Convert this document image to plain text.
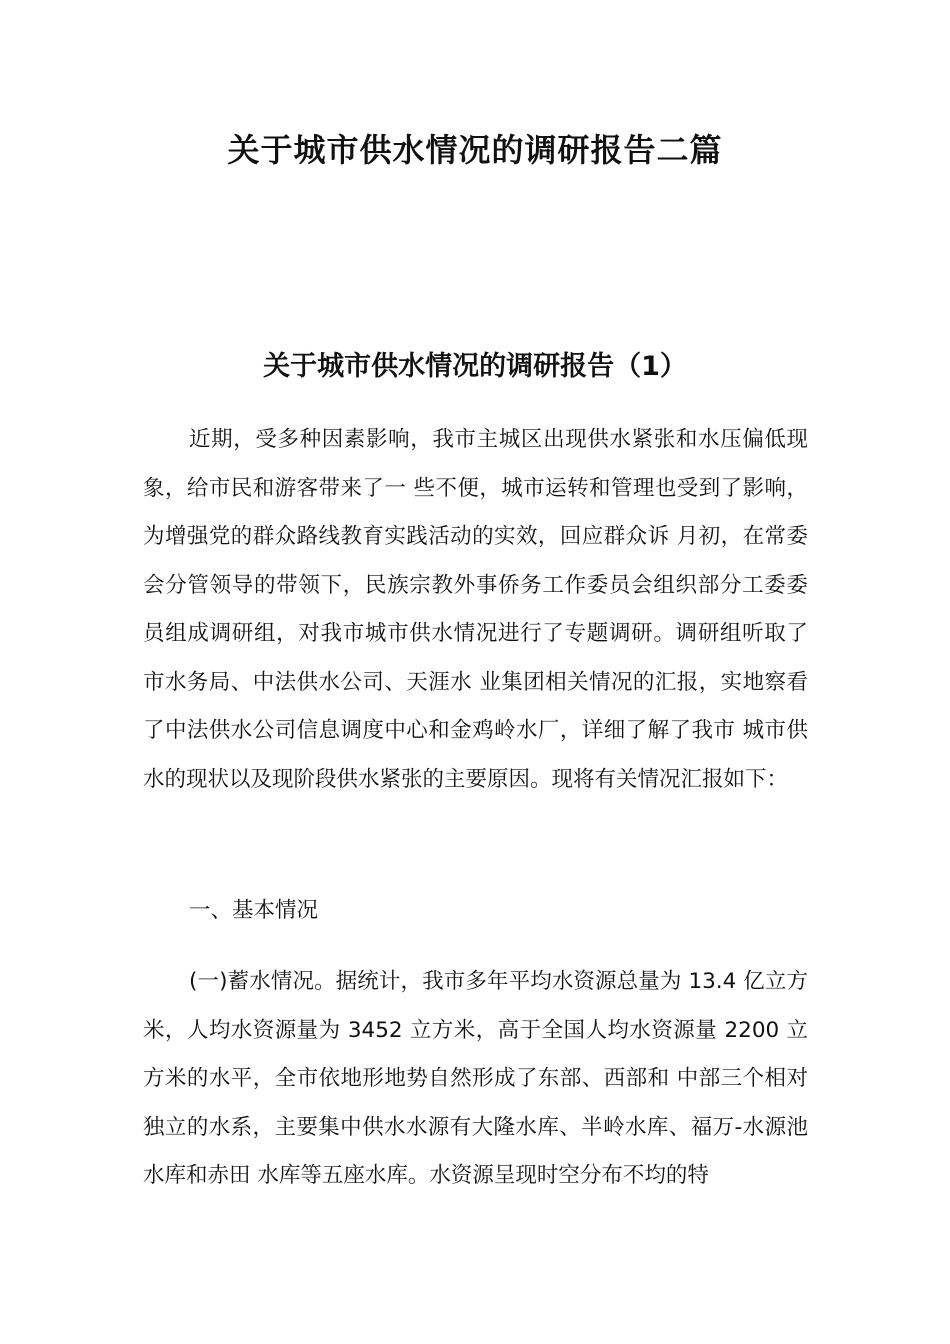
关于城市供水情况的调研报告二篇
关于城市供水情况的调研报告（1）

近期，受多种因素影响，我市主城区出现供水紧张和水压偏低现象，给市民和游客带来了一 些不便，城市运转和管理也受到了影响，为增强党的群众路线教育实践活动的实效，回应群众诉 月初，在常委会分管领导的带领下，民族宗教外事侨务工作委员会组织部分工委委员组成调研组，对我市城市供水情况进行了专题调研。调研组听取了市水务局、中法供水公司、天涯水 业集团相关情况的汇报，实地察看了中法供水公司信息调度中心和金鸡岭水厂，详细了解了我市 城市供水的现状以及现阶段供水紧张的主要原因。现将有关情况汇报如下：

一、基本情况

(一)蓄水情况。据统计，我市多年平均水资源总量为 13.4 亿立方米，人均水资源量为 3452 立方米，高于全国人均水资源量 2200 立方米的水平，全市依地形地势自然形成了东部、西部和 中部三个相对独立的水系，主要集中供水水源有大隆水库、半岭水库、福万-水源池水库和赤田 水库等五座水库。水资源呈现时空分布不均的特
